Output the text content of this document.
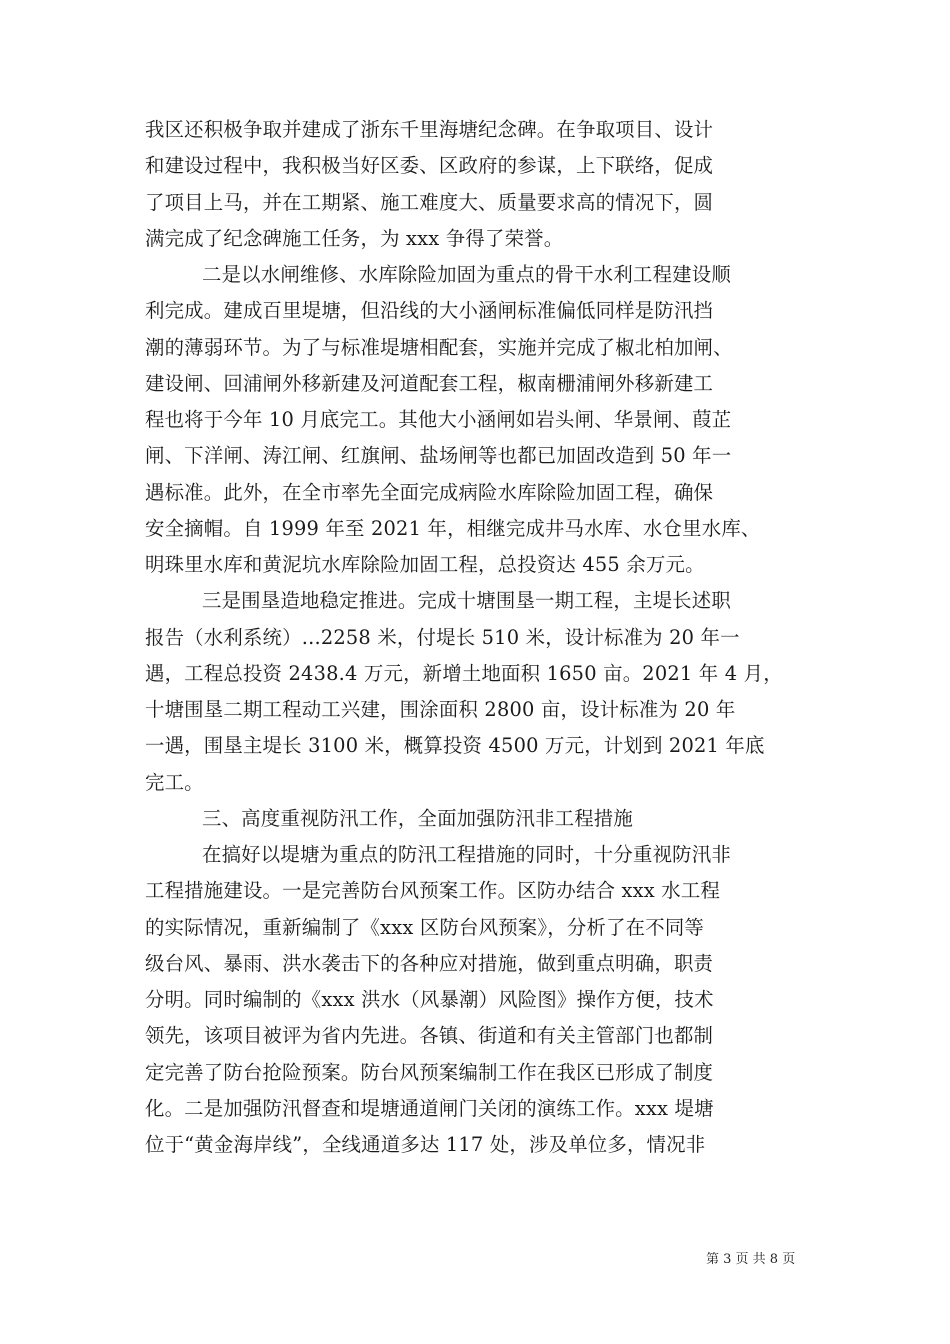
我区还积极争取并建成了浙东千里海塘纪念碑。在争取项目、设计
和建设过程中，我积极当好区委、区政府的参谋，上下联络，促成
了项目上马，并在工期紧、施工难度大、质量要求高的情况下，圆
满完成了纪念碑施工任务，为 xxx 争得了荣誉。
二是以水闸维修、水库除险加固为重点的骨干水利工程建设顺
利完成。建成百里堤塘，但沿线的大小涵闸标准偏低同样是防汛挡
潮的薄弱环节。为了与标准堤塘相配套，实施并完成了椒北柏加闸、
建设闸、回浦闸外移新建及河道配套工程，椒南栅浦闸外移新建工
程也将于今年 10 月底完工。其他大小涵闸如岩头闸、华景闸、葭芷
闸、下洋闸、涛江闸、红旗闸、盐场闸等也都已加固改造到 50 年一
遇标准。此外，在全市率先全面完成病险水库除险加固工程，确保
安全摘帽。自 1999 年至 2021 年，相继完成井马水库、水仓里水库、
明珠里水库和黄泥坑水库除险加固工程，总投资达 455 余万元。
三是围垦造地稳定推进。完成十塘围垦一期工程，主堤长述职
报告（水利系统）...2258 米，付堤长 510 米，设计标准为 20 年一
遇，工程总投资 2438.4 万元，新增土地面积 1650 亩。2021 年 4 月，
十塘围垦二期工程动工兴建，围涂面积 2800 亩，设计标准为 20 年
一遇，围垦主堤长 3100 米，概算投资 4500 万元，计划到 2021 年底
完工。
三、高度重视防汛工作，全面加强防汛非工程措施
在搞好以堤塘为重点的防汛工程措施的同时，十分重视防汛非
工程措施建设。一是完善防台风预案工作。区防办结合 xxx 水工程
的实际情况，重新编制了《xxx 区防台风预案》，分析了在不同等
级台风、暴雨、洪水袭击下的各种应对措施，做到重点明确，职责
分明。同时编制的《xxx 洪水（风暴潮）风险图》操作方便，技术
领先，该项目被评为省内先进。各镇、街道和有关主管部门也都制
定完善了防台抢险预案。防台风预案编制工作在我区已形成了制度
化。二是加强防汛督查和堤塘通道闸门关闭的演练工作。xxx 堤塘
位于“黄金海岸线”，全线通道多达 117 处，涉及单位多，情况非
第 3 页 共 8 页
